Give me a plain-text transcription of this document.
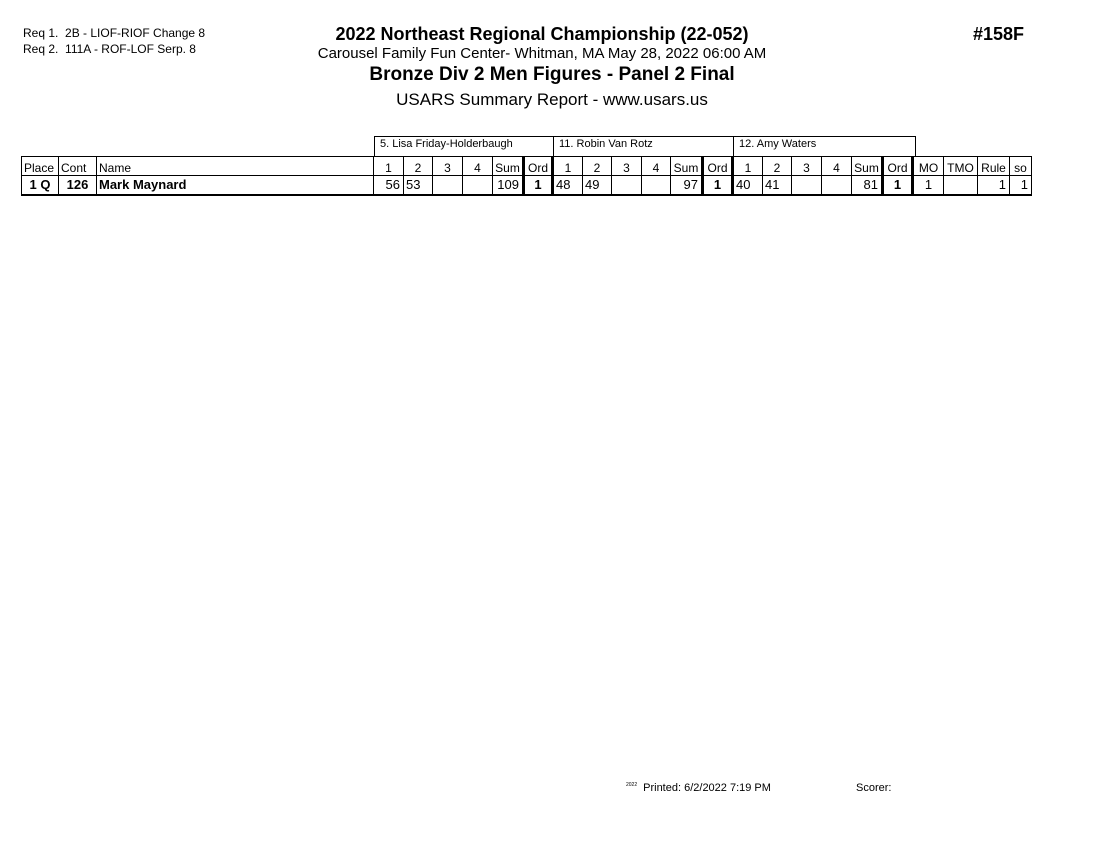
Req 1. 2B - LIOF-RIOF Change 8
Req 2. 111A - ROF-LOF Serp. 8
2022 Northeast Regional Championship (22-052)
Carousel Family Fun Center- Whitman, MA May 28, 2022 06:00 AM
Bronze Div 2 Men Figures - Panel 2 Final
USARS Summary Report - www.usars.us
#158F
5. Lisa Friday-Holderbaugh	11. Robin Van Rotz	12. Amy Waters
Place	Cont	Name	1	2	3	4	Sum	Ord	1	2	3	4	Sum	Ord	1	2	3	4	Sum	Ord	MO	TMO	Rule	so
1 Q	126	Mark Maynard	56	53			109	1	48	49			97	1	40	41			81	1	1		1	1
$^{2022}$ Printed: 6/2/2022 7:19 PM	Scorer:
